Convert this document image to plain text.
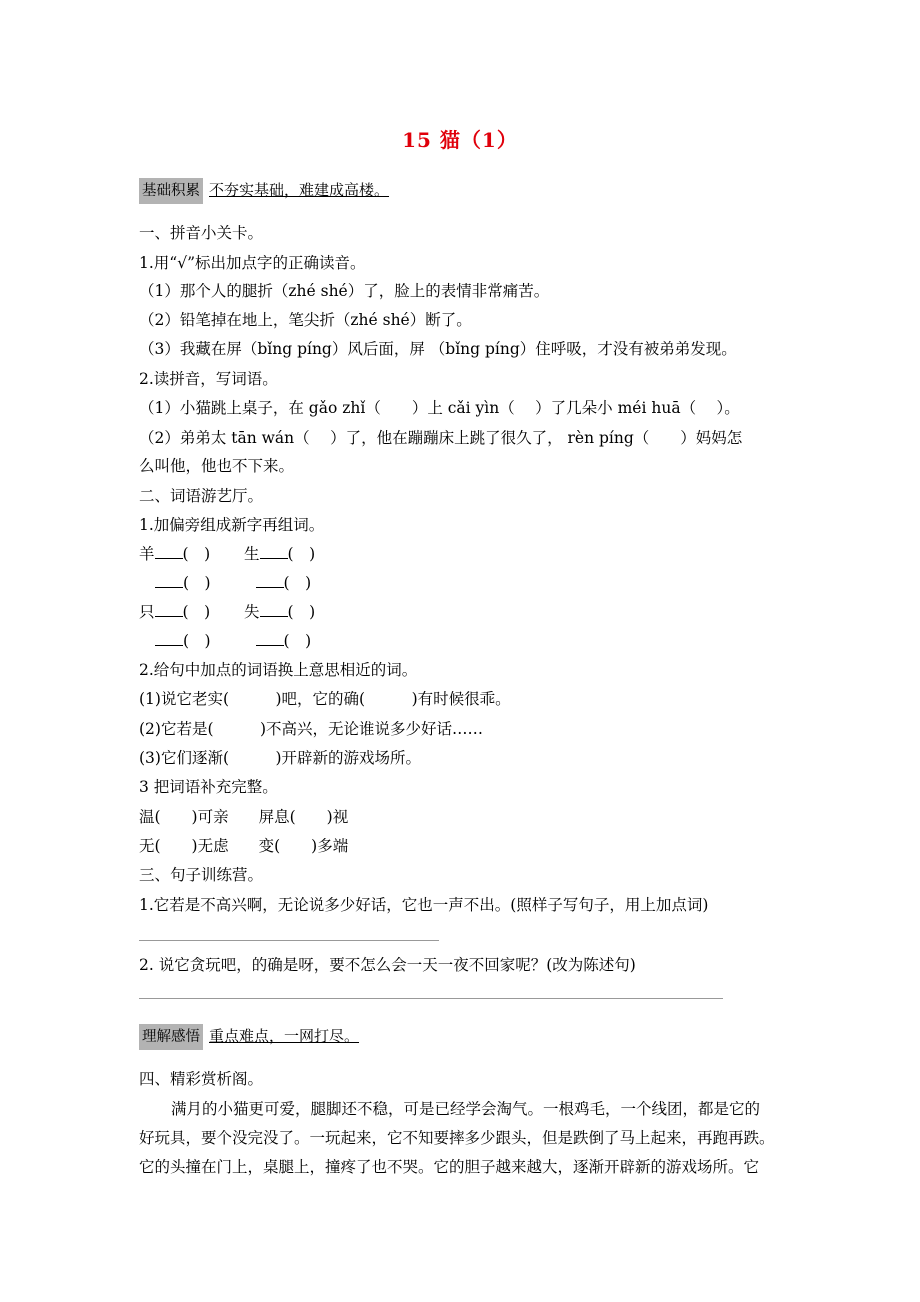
15 猫（1）
基础积累 不夯实基础，难建成高楼。
一、拼音小关卡。
1.用“√”标出加点字的正确读音。
（1）那个人的腿折（zhé shé）了，脸上的表情非常痛苦。
（2）铅笔掉在地上，笔尖折（zhé shé）断了。
（3）我藏在屏（bǐng píng）风后面，屏 （bǐng píng）住呼吸，才没有被弟弟发现。
2.读拼音，写词语。
（1）小猫跳上桌子，在 gǎo zhǐ（　　）上 cǎi yìn（　 ）了几朵小 méi huā（　 ）。
（2）弟弟太 tān wán（　 ）了，他在蹦蹦床上跳了很久了， rèn píng（　　）妈妈怎
么叫他，他也不下来。
二、词语游艺厅。
1.加偏旁组成新字再组词。
羊 (　) 生 (　)
(　)	(　)
只 (　) 失 (　)
(　)	(　)
2.给句中加点的词语换上意思相近的词。
(1)说它老实(　　　)吧，它的确(　　　)有时候很乖。
(2)它若是(　　　)不高兴，无论谁说多少好话……
(3)它们逐渐(　　　)开辟新的游戏场所。
3 把词语补充完整。
温(　　)可亲 屏息(　　)视
无(　　)无虑 变(　　)多端
三、句子训练营。
1.它若是不高兴啊，无论说多少好话，它也一声不出。(照样子写句子，用上加点词)
2. 说它贪玩吧，的确是呀，要不怎么会一天一夜不回家呢？(改为陈述句)
理解感悟 重点难点，一网打尽。
四、精彩赏析阁。
满月的小猫更可爱，腿脚还不稳，可是已经学会淘气。一根鸡毛，一个线团，都是它的
好玩具，要个没完没了。一玩起来，它不知要摔多少跟头，但是跌倒了马上起来，再跑再跌。
它的头撞在门上，桌腿上，撞疼了也不哭。它的胆子越来越大，逐渐开辟新的游戏场所。它
